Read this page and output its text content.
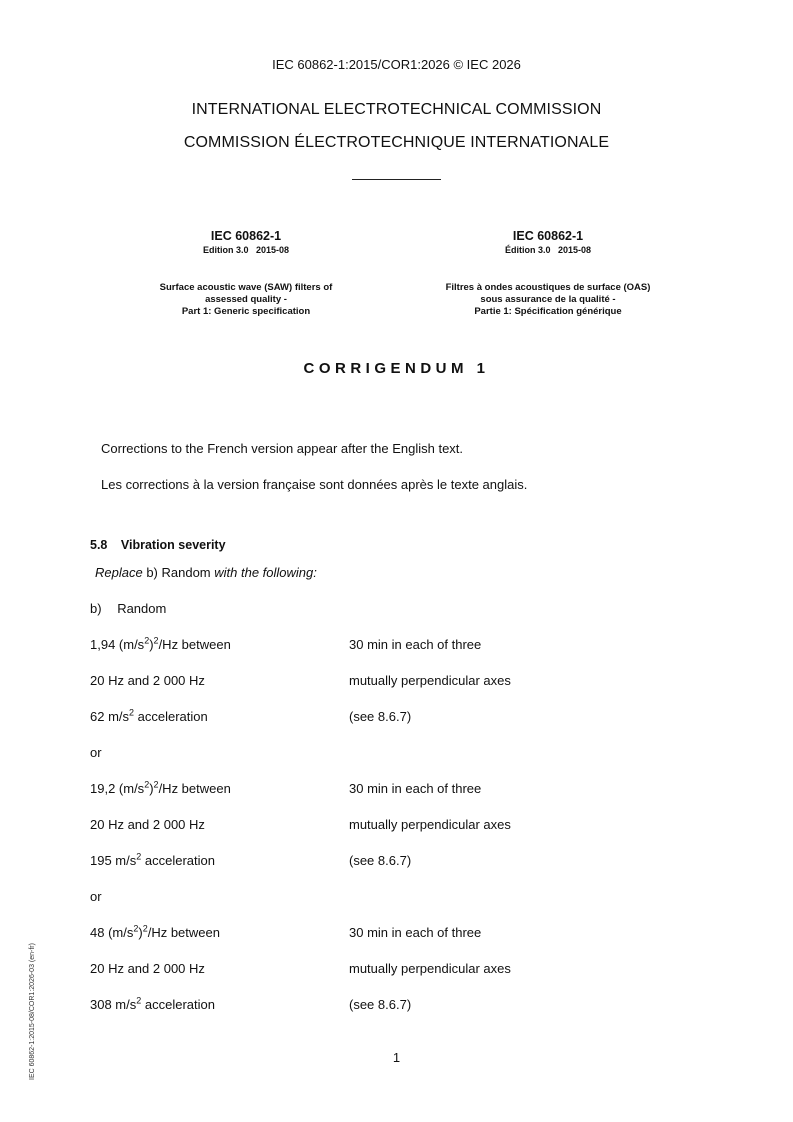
IEC 60862-1:2015/COR1:2026 © IEC 2026
INTERNATIONAL ELECTROTECHNICAL COMMISSION
COMMISSION ÉLECTROTECHNIQUE INTERNATIONALE
IEC 60862-1
Edition 3.0   2015-08
Surface acoustic wave (SAW) filters of
assessed quality -
Part 1: Generic specification
IEC 60862-1
Édition 3.0   2015-08
Filtres à ondes acoustiques de surface (OAS)
sous assurance de la qualité -
Partie 1: Spécification générique
CORRIGENDUM 1
Corrections to the French version appear after the English text.
Les corrections à la version française sont données après le texte anglais.
5.8 Vibration severity
Replace b) Random with the following:
b) Random
1,94 $(m/s^2)^2/Hz$ between	30 min in each of three
20 Hz and 2 000 Hz	mutually perpendicular axes
62 $m/s^2$ acceleration	(see 8.6.7)
or
19,2 $(m/s^2)^2/Hz$ between	30 min in each of three
20 Hz and 2 000 Hz	mutually perpendicular axes
195 $m/s^2$ acceleration	(see 8.6.7)
or
48 $(m/s^2)^2/Hz$ between	30 min in each of three
20 Hz and 2 000 Hz	mutually perpendicular axes
308 $m/s^2$ acceleration	(see 8.6.7)
1
IEC 60862-1:2015-08/COR1:2026-03 (en-fr)
